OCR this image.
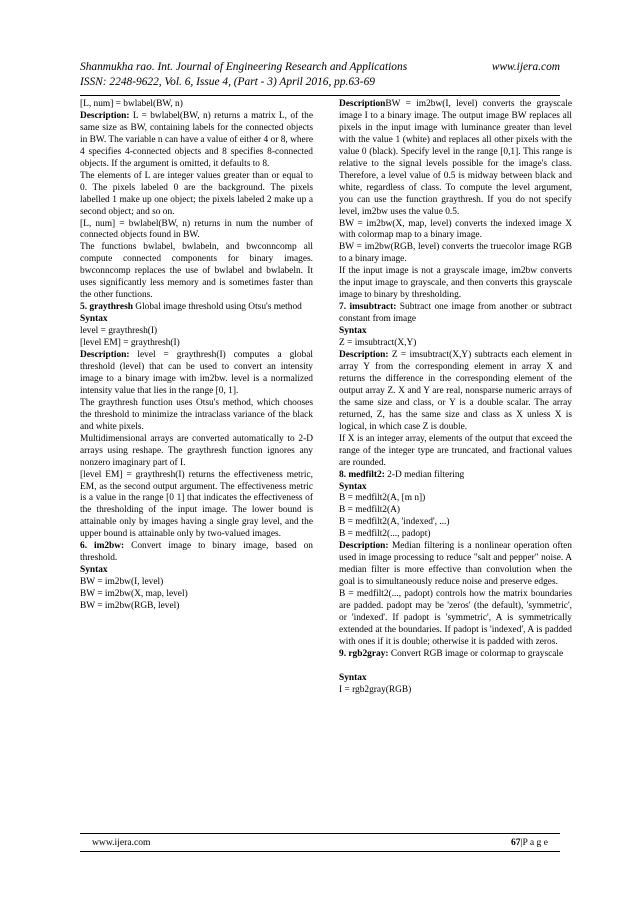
Shanmukha rao. Int. Journal of Engineering Research and Applications	www.ijera.com
ISSN: 2248-9622, Vol. 6, Issue 4, (Part - 3) April 2016, pp.63-69

[L, num] = bwlabel(BW, n)

Description: L = bwlabel(BW, n) returns a matrix L, of the same size as BW, containing labels for the connected objects in BW. The variable n can have a value of either 4 or 8, where 4 specifies 4-connected objects and 8 specifies 8-connected objects. If the argument is omitted, it defaults to 8.

The elements of L are integer values greater than or equal to 0. The pixels labeled 0 are the background. The pixels labelled 1 make up one object; the pixels labeled 2 make up a second object; and so on.

[L, num] = bwlabel(BW, n) returns in num the number of connected objects found in BW.

The functions bwlabel, bwlabeln, and bwconncomp all compute connected components for binary images. bwconncomp replaces the use of bwlabel and bwlabeln. It uses significantly less memory and is sometimes faster than the other functions.

5. graythresh Global image threshold using Otsu's method

Syntax

level = graythresh(I)

[level EM] = graythresh(I)

Description: level = graythresh(I) computes a global threshold (level) that can be used to convert an intensity image to a binary image with im2bw. level is a normalized intensity value that lies in the range [0, 1].

The graythresh function uses Otsu's method, which chooses the threshold to minimize the intraclass variance of the black and white pixels.

Multidimensional arrays are converted automatically to 2-D arrays using reshape. The graythresh function ignores any nonzero imaginary part of I.

[level EM] = graythresh(I) returns the effectiveness metric, EM, as the second output argument. The effectiveness metric is a value in the range [0 1] that indicates the effectiveness of the thresholding of the input image. The lower bound is attainable only by images having a single gray level, and the upper bound is attainable only by two-valued images.

6. im2bw: Convert image to binary image, based on threshold.

Syntax

BW = im2bw(I, level)

BW = im2bw(X, map, level)

BW = im2bw(RGB, level)

DescriptionBW = im2bw(I, level) converts the grayscale image I to a binary image. The output image BW replaces all pixels in the input image with luminance greater than level with the value 1 (white) and replaces all other pixels with the value 0 (black). Specify level in the range [0,1]. This range is relative to the signal levels possible for the image's class. Therefore, a level value of 0.5 is midway between black and white, regardless of class. To compute the level argument, you can use the function graythresh. If you do not specify level, im2bw uses the value 0.5.

BW = im2bw(X, map, level) converts the indexed image X with colormap map to a binary image.

BW = im2bw(RGB, level) converts the truecolor image RGB to a binary image.

If the input image is not a grayscale image, im2bw converts the input image to grayscale, and then converts this grayscale image to binary by thresholding.

7. imsubtract: Subtract one image from another or subtract constant from image

Syntax

Z = imsubtract(X,Y)

Description: Z = imsubtract(X,Y) subtracts each element in array Y from the corresponding element in array X and returns the difference in the corresponding element of the output array Z. X and Y are real, nonsparse numeric arrays of the same size and class, or Y is a double scalar. The array returned, Z, has the same size and class as X unless X is logical, in which case Z is double.

If X is an integer array, elements of the output that exceed the range of the integer type are truncated, and fractional values are rounded.

8. medfilt2: 2-D median filtering

Syntax

B = medfilt2(A, [m n])

B = medfilt2(A)

B = medfilt2(A, 'indexed', ...)

B = medfilt2(..., padopt)

Description: Median filtering is a nonlinear operation often used in image processing to reduce "salt and pepper" noise. A median filter is more effective than convolution when the goal is to simultaneously reduce noise and preserve edges.

B = medfilt2(..., padopt) controls how the matrix boundaries are padded. padopt may be 'zeros' (the default), 'symmetric', or 'indexed'. If padopt is 'symmetric', A is symmetrically extended at the boundaries. If padopt is 'indexed', A is padded with ones if it is double; otherwise it is padded with zeros.

9. rgb2gray: Convert RGB image or colormap to grayscale

Syntax

I = rgb2gray(RGB)

www.ijera.com	67|P a g e
